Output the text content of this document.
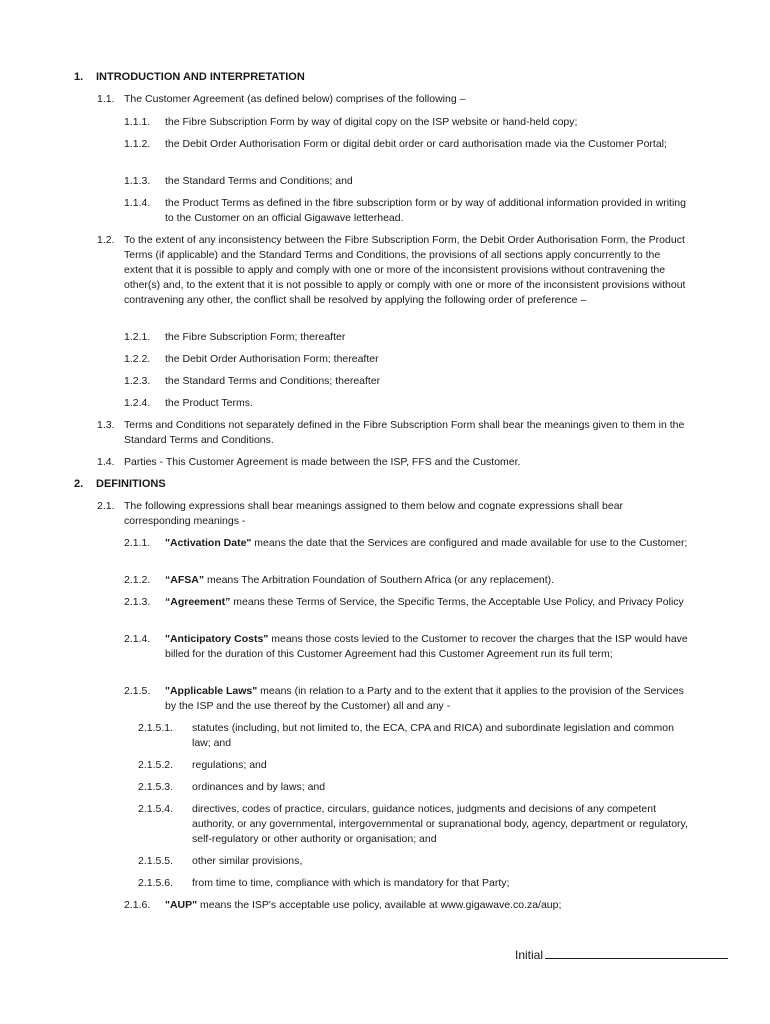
1. INTRODUCTION AND INTERPRETATION
1.1. The Customer Agreement (as defined below) comprises of the following –
1.1.1. the Fibre Subscription Form by way of digital copy on the ISP website or hand-held copy;
1.1.2. the Debit Order Authorisation Form or digital debit order or card authorisation made via the Customer Portal;
1.1.3. the Standard Terms and Conditions; and
1.1.4. the Product Terms as defined in the fibre subscription form or by way of additional information provided in writing to the Customer on an official Gigawave letterhead.
1.2. To the extent of any inconsistency between the Fibre Subscription Form, the Debit Order Authorisation Form, the Product Terms (if applicable) and the Standard Terms and Conditions, the provisions of all sections apply concurrently to the extent that it is possible to apply and comply with one or more of the inconsistent provisions without contravening the other(s) and, to the extent that it is not possible to apply or comply with one or more of the inconsistent provisions without contravening any other, the conflict shall be resolved by applying the following order of preference –
1.2.1. the Fibre Subscription Form; thereafter
1.2.2. the Debit Order Authorisation Form; thereafter
1.2.3. the Standard Terms and Conditions; thereafter
1.2.4. the Product Terms.
1.3. Terms and Conditions not separately defined in the Fibre Subscription Form shall bear the meanings given to them in the Standard Terms and Conditions.
1.4. Parties - This Customer Agreement is made between the ISP, FFS and the Customer.
2. DEFINITIONS
2.1. The following expressions shall bear meanings assigned to them below and cognate expressions shall bear corresponding meanings -
2.1.1. "Activation Date" means the date that the Services are configured and made available for use to the Customer;
2.1.2. “AFSA” means The Arbitration Foundation of Southern Africa (or any replacement).
2.1.3. “Agreement” means these Terms of Service, the Specific Terms, the Acceptable Use Policy, and Privacy Policy
2.1.4. "Anticipatory Costs" means those costs levied to the Customer to recover the charges that the ISP would have billed for the duration of this Customer Agreement had this Customer Agreement run its full term;
2.1.5. "Applicable Laws" means (in relation to a Party and to the extent that it applies to the provision of the Services by the ISP and the use thereof by the Customer) all and any -
2.1.5.1. statutes (including, but not limited to, the ECA, CPA and RICA) and subordinate legislation and common law; and
2.1.5.2. regulations; and
2.1.5.3. ordinances and by laws; and
2.1.5.4. directives, codes of practice, circulars, guidance notices, judgments and decisions of any competent authority, or any governmental, intergovernmental or supranational body, agency, department or regulatory, self-regulatory or other authority or organisation; and
2.1.5.5. other similar provisions,
2.1.5.6. from time to time, compliance with which is mandatory for that Party;
2.1.6. "AUP" means the ISP's acceptable use policy, available at www.gigawave.co.za/aup;
Initial
